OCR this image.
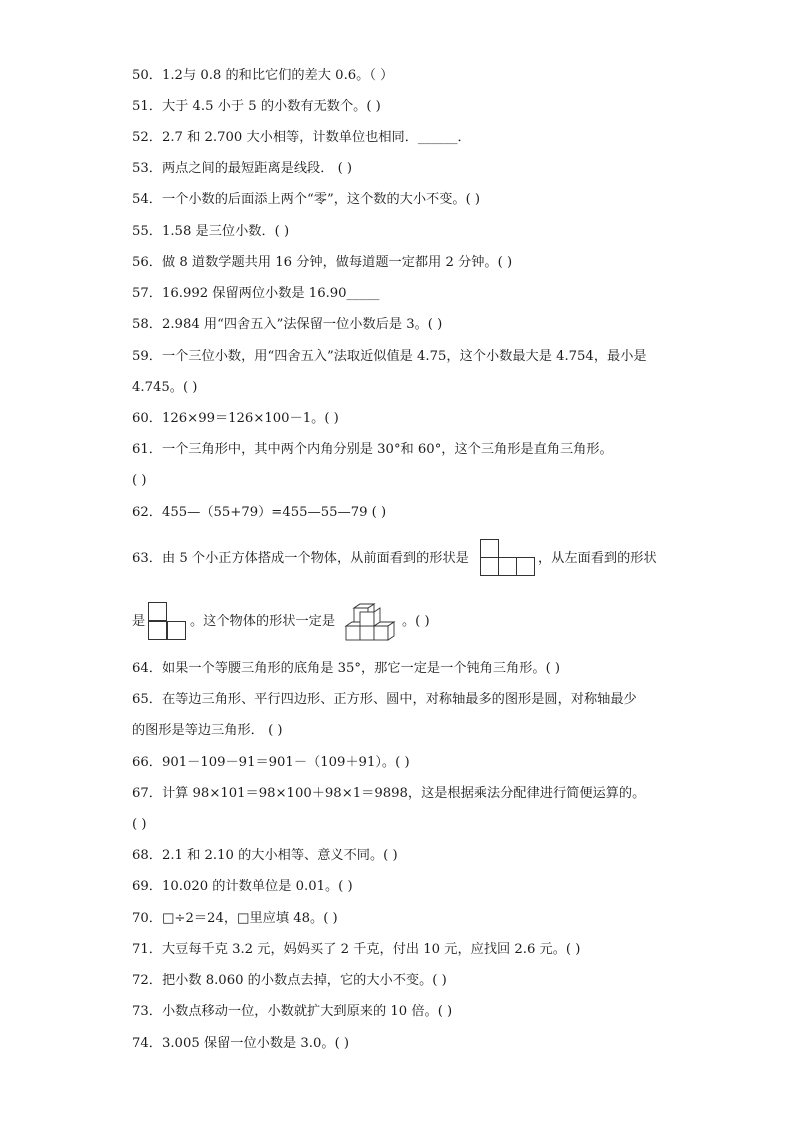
50．1.2与 0.8 的和比它们的差大 0.6。（ ）
51．大于 4.5 小于 5 的小数有无数个。( )
52．2.7 和 2.700 大小相等，计数单位也相同．______．
53．两点之间的最短距离是线段． ( )
54．一个小数的后面添上两个“零”，这个数的大小不变。( )
55．1.58 是三位小数．( )
56．做 8 道数学题共用 16 分钟，做每道题一定都用 2 分钟。( )
57．16.992 保留两位小数是 16.90_____
58．2.984 用“四舍五入”法保留一位小数后是 3。( )
59．一个三位小数，用“四舍五入”法取近似值是 4.75，这个小数最大是 4.754，最小是
4.745。( )
60．126×99＝126×100－1。( )
61．一个三角形中，其中两个内角分别是 30°和 60°，这个三角形是直角三角形。
( )
62．455—（55+79）=455—55—79 ( )
63．由 5 个小正方体搭成一个物体，从前面看到的形状是	，从左面看到的形状
是	。这个物体的形状一定是	。( )
64．如果一个等腰三角形的底角是 35°，那它一定是一个钝角三角形。( )
65．在等边三角形、平行四边形、正方形、圆中，对称轴最多的图形是圆，对称轴最少
的图形是等边三角形． ( )
66．901－109－91＝901－（109＋91）。( )
67．计算 98×101＝98×100＋98×1＝9898，这是根据乘法分配律进行简便运算的。
( )
68．2.1 和 2.10 的大小相等、意义不同。( )
69．10.020 的计数单位是 0.01。( )
70．□÷2＝24，□里应填 48。( )
71．大豆每千克 3.2 元，妈妈买了 2 千克，付出 10 元，应找回 2.6 元。( )
72．把小数 8.060 的小数点去掉，它的大小不变。( )
73．小数点移动一位，小数就扩大到原来的 10 倍。( )
74．3.005 保留一位小数是 3.0。( )
